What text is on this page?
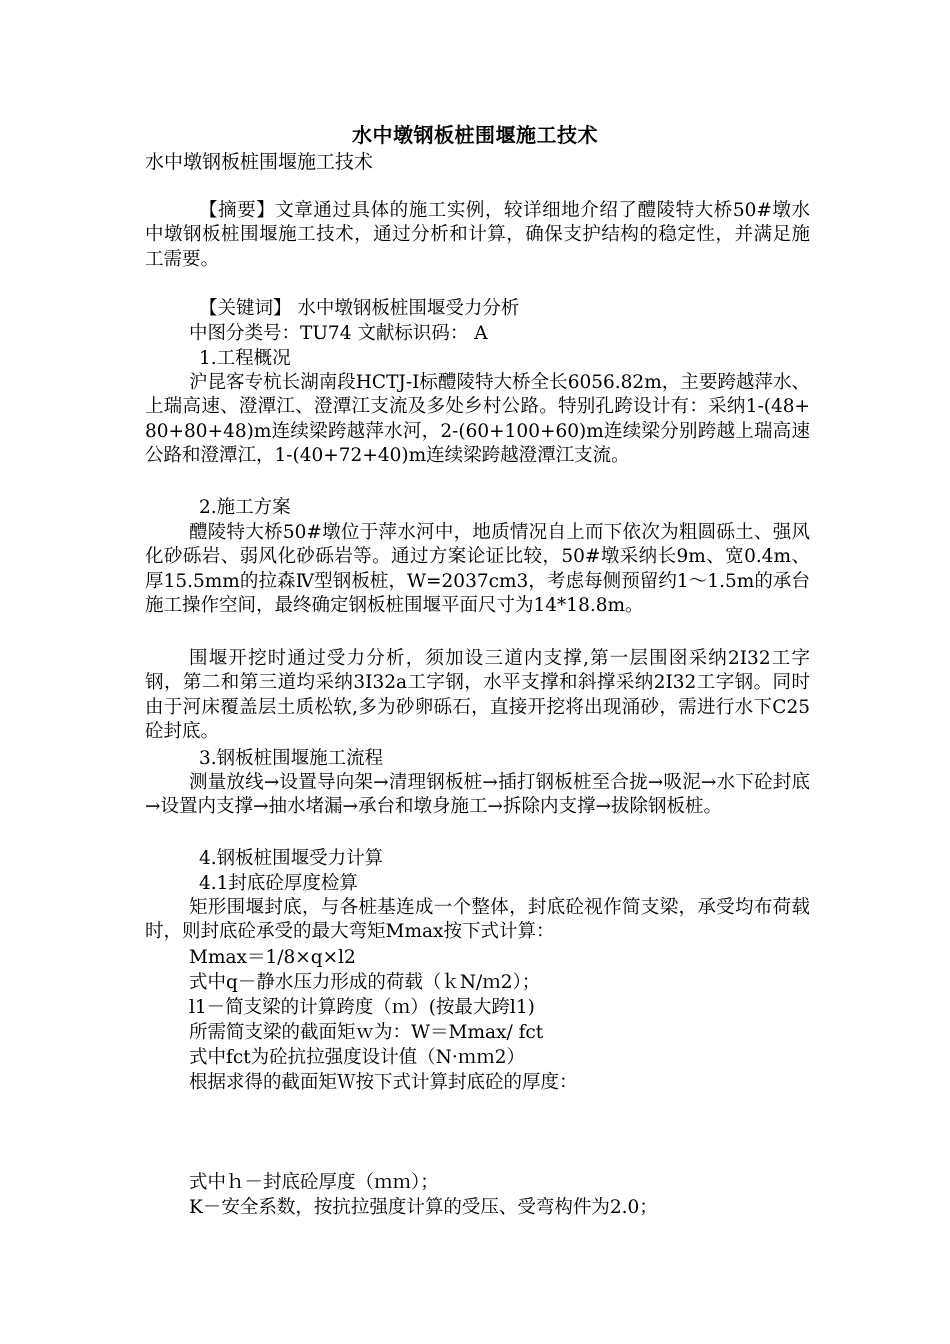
水中墩钢板桩围堰施工技术
水中墩钢板桩围堰施工技术

【摘要】文章通过具体的施工实例，较详细地介绍了醴陵特大桥50#墩水中墩钢板桩围堰施工技术，通过分析和计算，确保支护结构的稳定性，并满足施工需要。

【关键词】 水中墩钢板桩围堰受力分析

中图分类号：TU74 文献标识码： A
1.工程概况

沪昆客专杭长湖南段HCTJ-I标醴陵特大桥全长6056.82m，主要跨越萍水、上瑞高速、澄潭江、澄潭江支流及多处乡村公路。特别孔跨设计有：采纳1-(48+80+80+48)m连续梁跨越萍水河，2-(60+100+60)m连续梁分别跨越上瑞高速公路和澄潭江，1-(40+72+40)m连续梁跨越澄潭江支流。

2.施工方案

醴陵特大桥50#墩位于萍水河中，地质情况自上而下依次为粗圆砾土、强风化砂砾岩、弱风化砂砾岩等。通过方案论证比较，50#墩采纳长9m、宽0.4m、厚15.5mm的拉森Ⅳ型钢板桩，W=2037cm3，考虑每侧预留约1～1.5m的承台施工操作空间，最终确定钢板桩围堰平面尺寸为14*18.8m。

围堰开挖时通过受力分析，须加设三道内支撑,第一层围囹采纳2I32工字钢，第二和第三道均采纳3I32a工字钢，水平支撑和斜撑采纳2I32工字钢。同时由于河床覆盖层土质松软,多为砂卵砾石，直接开挖将出现涌砂，需进行水下C25砼封底。

3.钢板桩围堰施工流程

测量放线→设置导向架→清理钢板桩→插打钢板桩至合拢→吸泥→水下砼封底→设置内支撑→抽水堵漏→承台和墩身施工→拆除内支撑→拔除钢板桩。

4.钢板桩围堰受力计算
4.1封底砼厚度检算

矩形围堰封底，与各桩基连成一个整体，封底砼视作简支梁，承受均布荷载时，则封底砼承受的最大弯矩Mmax按下式计算：

Mmax＝1/8×q×l2
式中q－静水压力形成的荷载（ｋN/ｍ2）；
l1－简支梁的计算跨度（ｍ）(按最大跨l1)
所需简支梁的截面矩ｗ为：W＝Mmax/ fct
式中fct为砼抗拉强度设计值（N·ｍｍ2）
根据求得的截面矩Ｗ按下式计算封底砼的厚度：
式中ｈ－封底砼厚度（ｍｍ）；
K－安全系数，按抗拉强度计算的受压、受弯构件为2.0；
